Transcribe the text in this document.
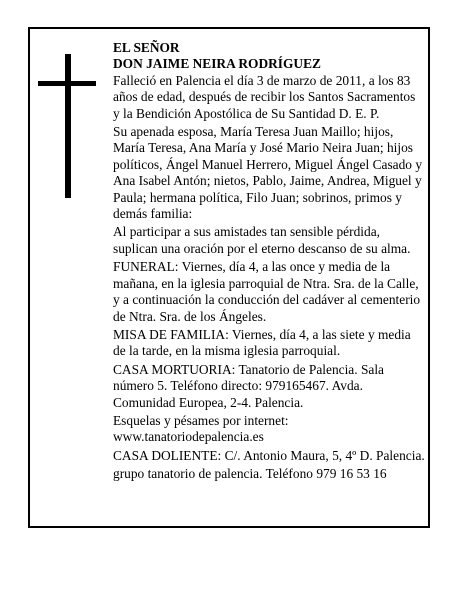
EL SEÑOR
DON JAIME NEIRA RODRÍGUEZ

Falleció en Palencia el día 3 de marzo de 2011, a los 83 años de edad, después de recibir los Santos Sacramentos y la Bendición Apostólica de Su Santidad D. E. P.

Su apenada esposa, María Teresa Juan Maillo; hijos, María Teresa, Ana María y José Mario Neira Juan; hijos políticos, Ángel Manuel Herrero, Miguel Ángel Casado y Ana Isabel Antón; nietos, Pablo, Jaime, Andrea, Miguel y Paula; hermana política, Filo Juan; sobrinos, primos y demás familia:

Al participar a sus amistades tan sensible pérdida, suplican una oración por el eterno descanso de su alma.

FUNERAL: Viernes, día 4, a las once y media de la mañana, en la iglesia parroquial de Ntra. Sra. de la Calle, y a continuación la conducción del cadáver al cementerio de Ntra. Sra. de los Ángeles.

MISA DE FAMILIA: Viernes, día 4, a las siete y media de la tarde, en la misma iglesia parroquial.

CASA MORTUORIA: Tanatorio de Palencia. Sala número 5. Teléfono directo: 979165467. Avda. Comunidad Europea, 2-4. Palencia.

Esquelas y pésames por internet: www.tanatoriodepalencia.es

CASA DOLIENTE: C/. Antonio Maura, 5, 4º D. Palencia.

grupo tanatorio de palencia. Teléfono 979 16 53 16
